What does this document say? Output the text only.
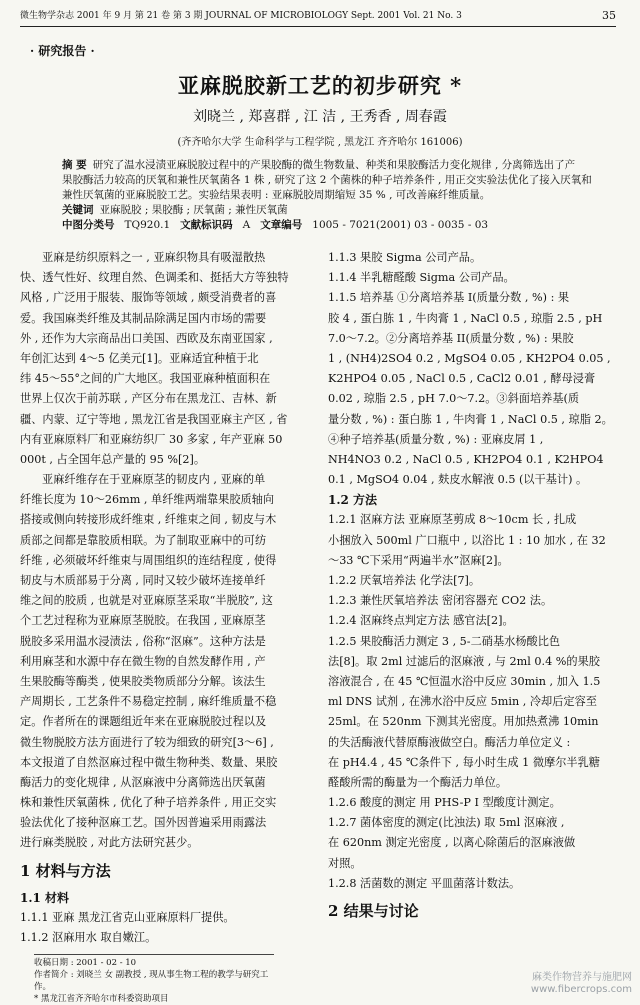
微生物学杂志 2001 年 9 月 第 21 卷 第 3 期 JOURNAL OF MICROBIOLOGY Sept. 2001 Vol. 21 No. 3	35
· 研究报告 ·
亚麻脱胶新工艺的初步研究 *
刘晓兰 , 郑喜群 , 江 洁 , 王秀香 , 周春霞
(齐齐哈尔大学 生命科学与工程学院 , 黑龙江 齐齐哈尔 161006)
摘 要 研究了温水浸渍亚麻脱胶过程中的产果胶酶的微生物数量、种类和果胶酶活力变化规律 , 分离筛选出了产
果胶酶活力较高的厌氧和兼性厌氧菌各 1 株 , 研究了这 2 个菌株的种子培养条件 , 用正交实验法优化了接入厌氧和
兼性厌氧菌的亚麻脱胶工艺。实验结果表明 : 亚麻脱胶周期缩短 35 % , 可改善麻纤维质量。
关键词 亚麻脱胶 ; 果胶酶 ; 厌氧菌 ; 兼性厌氧菌
中图分类号 TQ920.1 文献标识码 A 文章编号 1005 - 7021(2001) 03 - 0035 - 03
亚麻是纺织原料之一 , 亚麻织物具有吸湿散热
快、透气性好、纹理自然、色调柔和、挺括大方等独特
风格 , 广泛用于服装、服饰等领域 , 颇受消费者的喜
爱。我国麻类纤维及其制品除满足国内市场的需要
外 , 还作为大宗商品出口美国、西欧及东南亚国家 ,
年创汇达到 4～5 亿美元[1]。亚麻适宜种植于北
纬 45～55°之间的广大地区。我国亚麻种植面积在
世界上仅次于前苏联 , 产区分布在黑龙江、吉林、新
疆、内蒙、辽宁等地 , 黑龙江省是我国亚麻主产区 , 省
内有亚麻原料厂和亚麻纺织厂 30 多家 , 年产亚麻 50
000t , 占全国年总产量的 95 %[2]。
亚麻纤维存在于亚麻原茎的韧皮内 , 亚麻的单
纤维长度为 10～26mm , 单纤维两端靠果胶质轴向
搭接或侧向转接形成纤维束 , 纤维束之间 , 韧皮与木
质部之间都是靠胶质相联。为了制取亚麻中的可纺
纤维 , 必须破坏纤维束与周围组织的连结程度 , 使得
韧皮与木质部易于分离 , 同时又较少破坏连接单纤
维之间的胶质 , 也就是对亚麻原茎采取“半脱胶”, 这
个工艺过程称为亚麻原茎脱胶。在我国 , 亚麻原茎
脱胶多采用温水浸渍法 , 俗称“沤麻”。这种方法是
利用麻茎和水源中存在微生物的自然发酵作用 , 产
生果胶酶等酶类 , 使果胶类物质部分分解。该法生
产周期长 , 工艺条件不易稳定控制 , 麻纤维质量不稳
定。作者所在的课题组近年来在亚麻脱胶过程以及
微生物脱胶方法方面进行了较为细致的研究[3～6] ,
本文报道了自然沤麻过程中微生物种类、数量、果胶
酶活力的变化规律 , 从沤麻液中分离筛选出厌氧菌
株和兼性厌氧菌株 , 优化了种子培养条件 , 用正交实
验法优化了接种沤麻工艺。国外因普遍采用雨露法
进行麻类脱胶 , 对此方法研究甚少。
1 材料与方法
1.1 材料
1.1.1 亚麻 黑龙江省克山亚麻原料厂提供。
1.1.2 沤麻用水 取自嫩江。
1.1.3 果胶 Sigma 公司产品。
1.1.4 半乳糖醛酸 Sigma 公司产品。
1.1.5 培养基 ①分离培养基 I(质量分数 , %) : 果
胶 4 , 蛋白胨 1 , 牛肉膏 1 , NaCl 0.5 , 琼脂 2.5 , pH
7.0～7.2。②分离培养基 II(质量分数 , %) : 果胶
1 , (NH4)2SO4 0.2 , MgSO4 0.05 , KH2PO4 0.05 ,
K2HPO4 0.05 , NaCl 0.5 , CaCl2 0.01 , 酵母浸膏
0.02 , 琼脂 2.5 , pH 7.0～7.2。③斜面培养基(质
量分数 , %) : 蛋白胨 1 , 牛肉膏 1 , NaCl 0.5 , 琼脂 2。
④种子培养基(质量分数 , %) : 亚麻皮屑 1 ,
NH4NO3 0.2 , NaCl 0.5 , KH2PO4 0.1 , K2HPO4
0.1 , MgSO4 0.04 , 麸皮水解液 0.5 (以干基计) 。
1.2 方法
1.2.1 沤麻方法 亚麻原茎剪成 8～10cm 长 , 扎成
小捆放入 500ml 广口瓶中 , 以浴比 1 : 10 加水 , 在 32
～33 ℃下采用“两遍半水”沤麻[2]。
1.2.2 厌氧培养法 化学法[7]。
1.2.3 兼性厌氧培养法 密闭容器充 CO2 法。
1.2.4 沤麻终点判定方法 感官法[2]。
1.2.5 果胶酶活力测定 3 , 5-二硝基水杨酸比色
法[8]。取 2ml 过滤后的沤麻液 , 与 2ml 0.4 %的果胶
溶液混合 , 在 45 ℃恒温水浴中反应 30min , 加入 1.5
ml DNS 试剂 , 在沸水浴中反应 5min , 冷却后定容至
25ml。在 520nm 下测其光密度。用加热煮沸 10min
的失活酶液代替原酶液做空白。酶活力单位定义 :
在 pH4.4 , 45 ℃条件下 , 每小时生成 1 微摩尔半乳糖
醛酸所需的酶量为一个酶活力单位。
1.2.6 酸度的测定 用 PHS-P I 型酸度计测定。
1.2.7 菌体密度的测定(比浊法) 取 5ml 沤麻液 ,
在 620nm 测定光密度 , 以离心除菌后的沤麻液做
对照。
1.2.8 活菌数的测定 平皿菌落计数法。
2 结果与讨论
收稿日期 : 2001 - 02 - 10
作者简介 : 刘晓兰 女 副教授 , 现从事生物工程的教学与研究工作。
* 黑龙江省齐齐哈尔市科委资助项目
麻类作物营养与施肥网
www.fibercrops.com
